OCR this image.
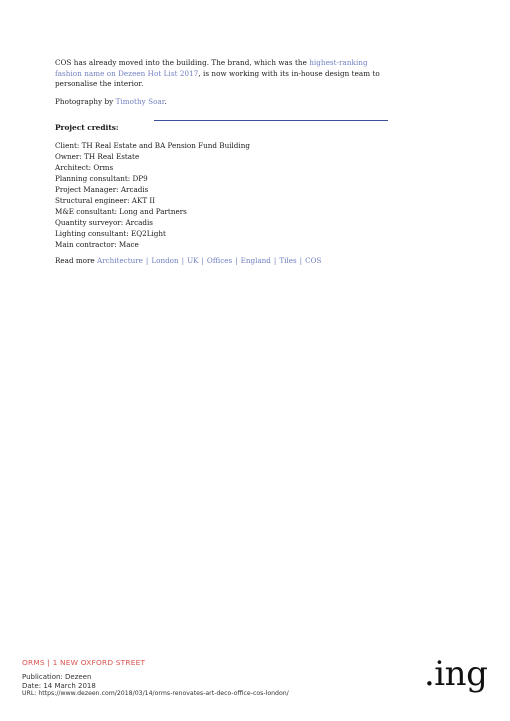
COS has already moved into the building. The brand, which was the highest-ranking fashion name on Dezeen Hot List 2017, is now working with its in-house design team to personalise the interior.

Photography by Timothy Soar.

Project credits:
Client: TH Real Estate and BA Pension Fund Building
Owner: TH Real Estate
Architect: Orms
Planning consultant: DP9
Project Manager: Arcadis
Structural engineer: AKT II
M&E consultant: Long and Partners
Quantity surveyor: Arcadis
Lighting consultant: EQ2Light
Main contractor: Mace
Read more Architecture | London | UK | Offices | England | Tiles | COS
ORMS | 1 NEW OXFORD STREET
Publication: Dezeen
Date: 14 March 2018
URL: https://www.dezeen.com/2018/03/14/orms-renovates-art-deco-office-cos-london/	.ing
